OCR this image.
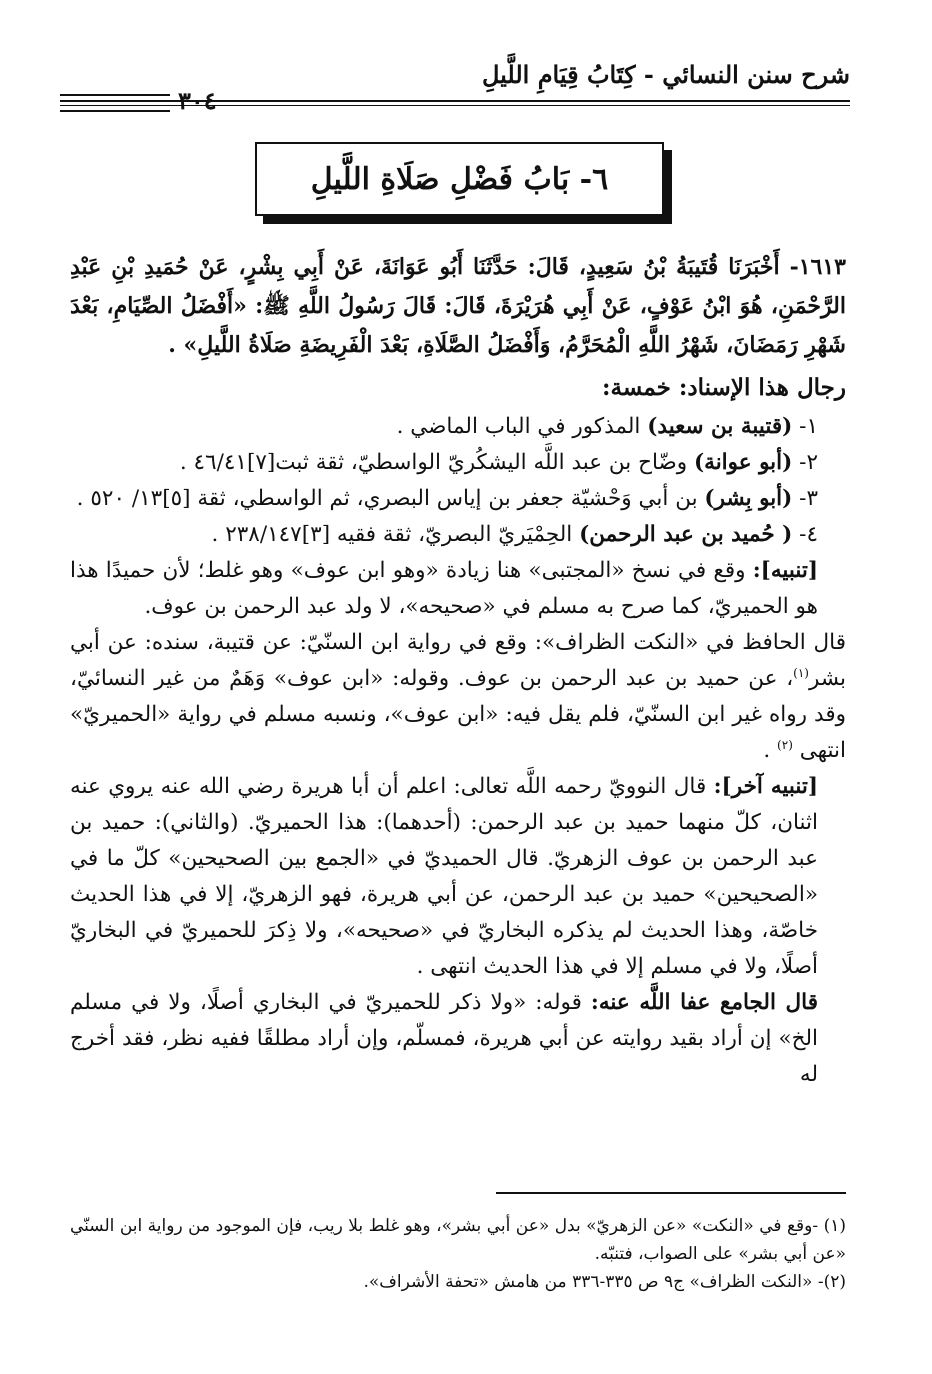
شرح سنن النسائي - كِتَابُ قِيَامِ اللَّيلِ
٣٠٤
٦- بَابُ فَضْلِ صَلَاةِ اللَّيلِ

١٦١٣- أَخْبَرَنَا قُتَيبَةُ بْنُ سَعِيدٍ، قَالَ: حَدَّثَنَا أَبُو عَوَانَةَ، عَنْ أَبِي بِشْرٍ، عَنْ حُمَيدِ بْنِ عَبْدِ الرَّحْمَنِ، هُوَ ابْنُ عَوْفٍ، عَنْ أَبِي هُرَيْرَةَ، قَالَ: قَالَ رَسُولُ اللَّهِ ﷺ: «أَفْضَلُ الصِّيَامِ، بَعْدَ شَهْرِ رَمَضَانَ، شَهْرُ اللَّهِ الْمُحَرَّمُ، وَأَفْضَلُ الصَّلَاةِ، بَعْدَ الْفَرِيضَةِ صَلَاةُ اللَّيلِ» .

رجال هذا الإسناد: خمسة:

١- (قتيبة بن سعيد) المذكور في الباب الماضي .

٢- (أبو عوانة) وضّاح بن عبد اللَّه اليشكُريّ الواسطيّ، ثقة ثبت[٧]٤٦/٤١ .

٣- (أبو بِشر) بن أبي وَحْشيّة جعفر بن إياس البصري، ثم الواسطي، ثقة [٥]١٣/ ٥٢٠ .

٤- ( حُميد بن عبد الرحمن) الحِمْيَريّ البصريّ، ثقة فقيه [٣]٢٣٨/١٤٧ .

[تنبيه]: وقع في نسخ «المجتبى» هنا زيادة «وهو ابن عوف» وهو غلط؛ لأن حميدًا هذا هو الحميريّ، كما صرح به مسلم في «صحيحه»، لا ولد عبد الرحمن بن عوف.

قال الحافظ في «النكت الظراف»: وقع في رواية ابن السنّيّ: عن قتيبة، سنده: عن أبي بشر$^{(١)}$، عن حميد بن عبد الرحمن بن عوف. وقوله: «ابن عوف» وَهَمٌ من غير النسائيّ، وقد رواه غير ابن السنّيّ، فلم يقل فيه: «ابن عوف»، ونسبه مسلم في رواية «الحميريّ» انتهى $^{(٢)}$ .

[تنبيه آخر]: قال النوويّ رحمه اللَّه تعالى: اعلم أن أبا هريرة رضي الله عنه يروي عنه اثنان، كلّ منهما حميد بن عبد الرحمن: (أحدهما): هذا الحميريّ. (والثاني): حميد بن عبد الرحمن بن عوف الزهريّ. قال الحميديّ في «الجمع بين الصحيحين» كلّ ما في «الصحيحين» حميد بن عبد الرحمن، عن أبي هريرة، فهو الزهريّ، إلا في هذا الحديث خاصّة، وهذا الحديث لم يذكره البخاريّ في «صحيحه»، ولا ذِكرَ للحميريّ في البخاريّ أصلًا، ولا في مسلم إلا في هذا الحديث انتهى .

قال الجامع عفا اللَّه عنه: قوله: «ولا ذكر للحميريّ في البخاري أصلًا، ولا في مسلم الخ» إن أراد بقيد روايته عن أبي هريرة، فمسلّم، وإن أراد مطلقًا ففيه نظر، فقد أخرج له

(١) -وقع في «النكت» «عن الزهريّ» بدل «عن أبي بشر»، وهو غلط بلا ريب، فإن الموجود من رواية ابن السنّي «عن أبي بشر» على الصواب، فتنبّه.

(٢)- «النكت الظراف» ج٩ ص ٣٣٥-٣٣٦ من هامش «تحفة الأشراف».
